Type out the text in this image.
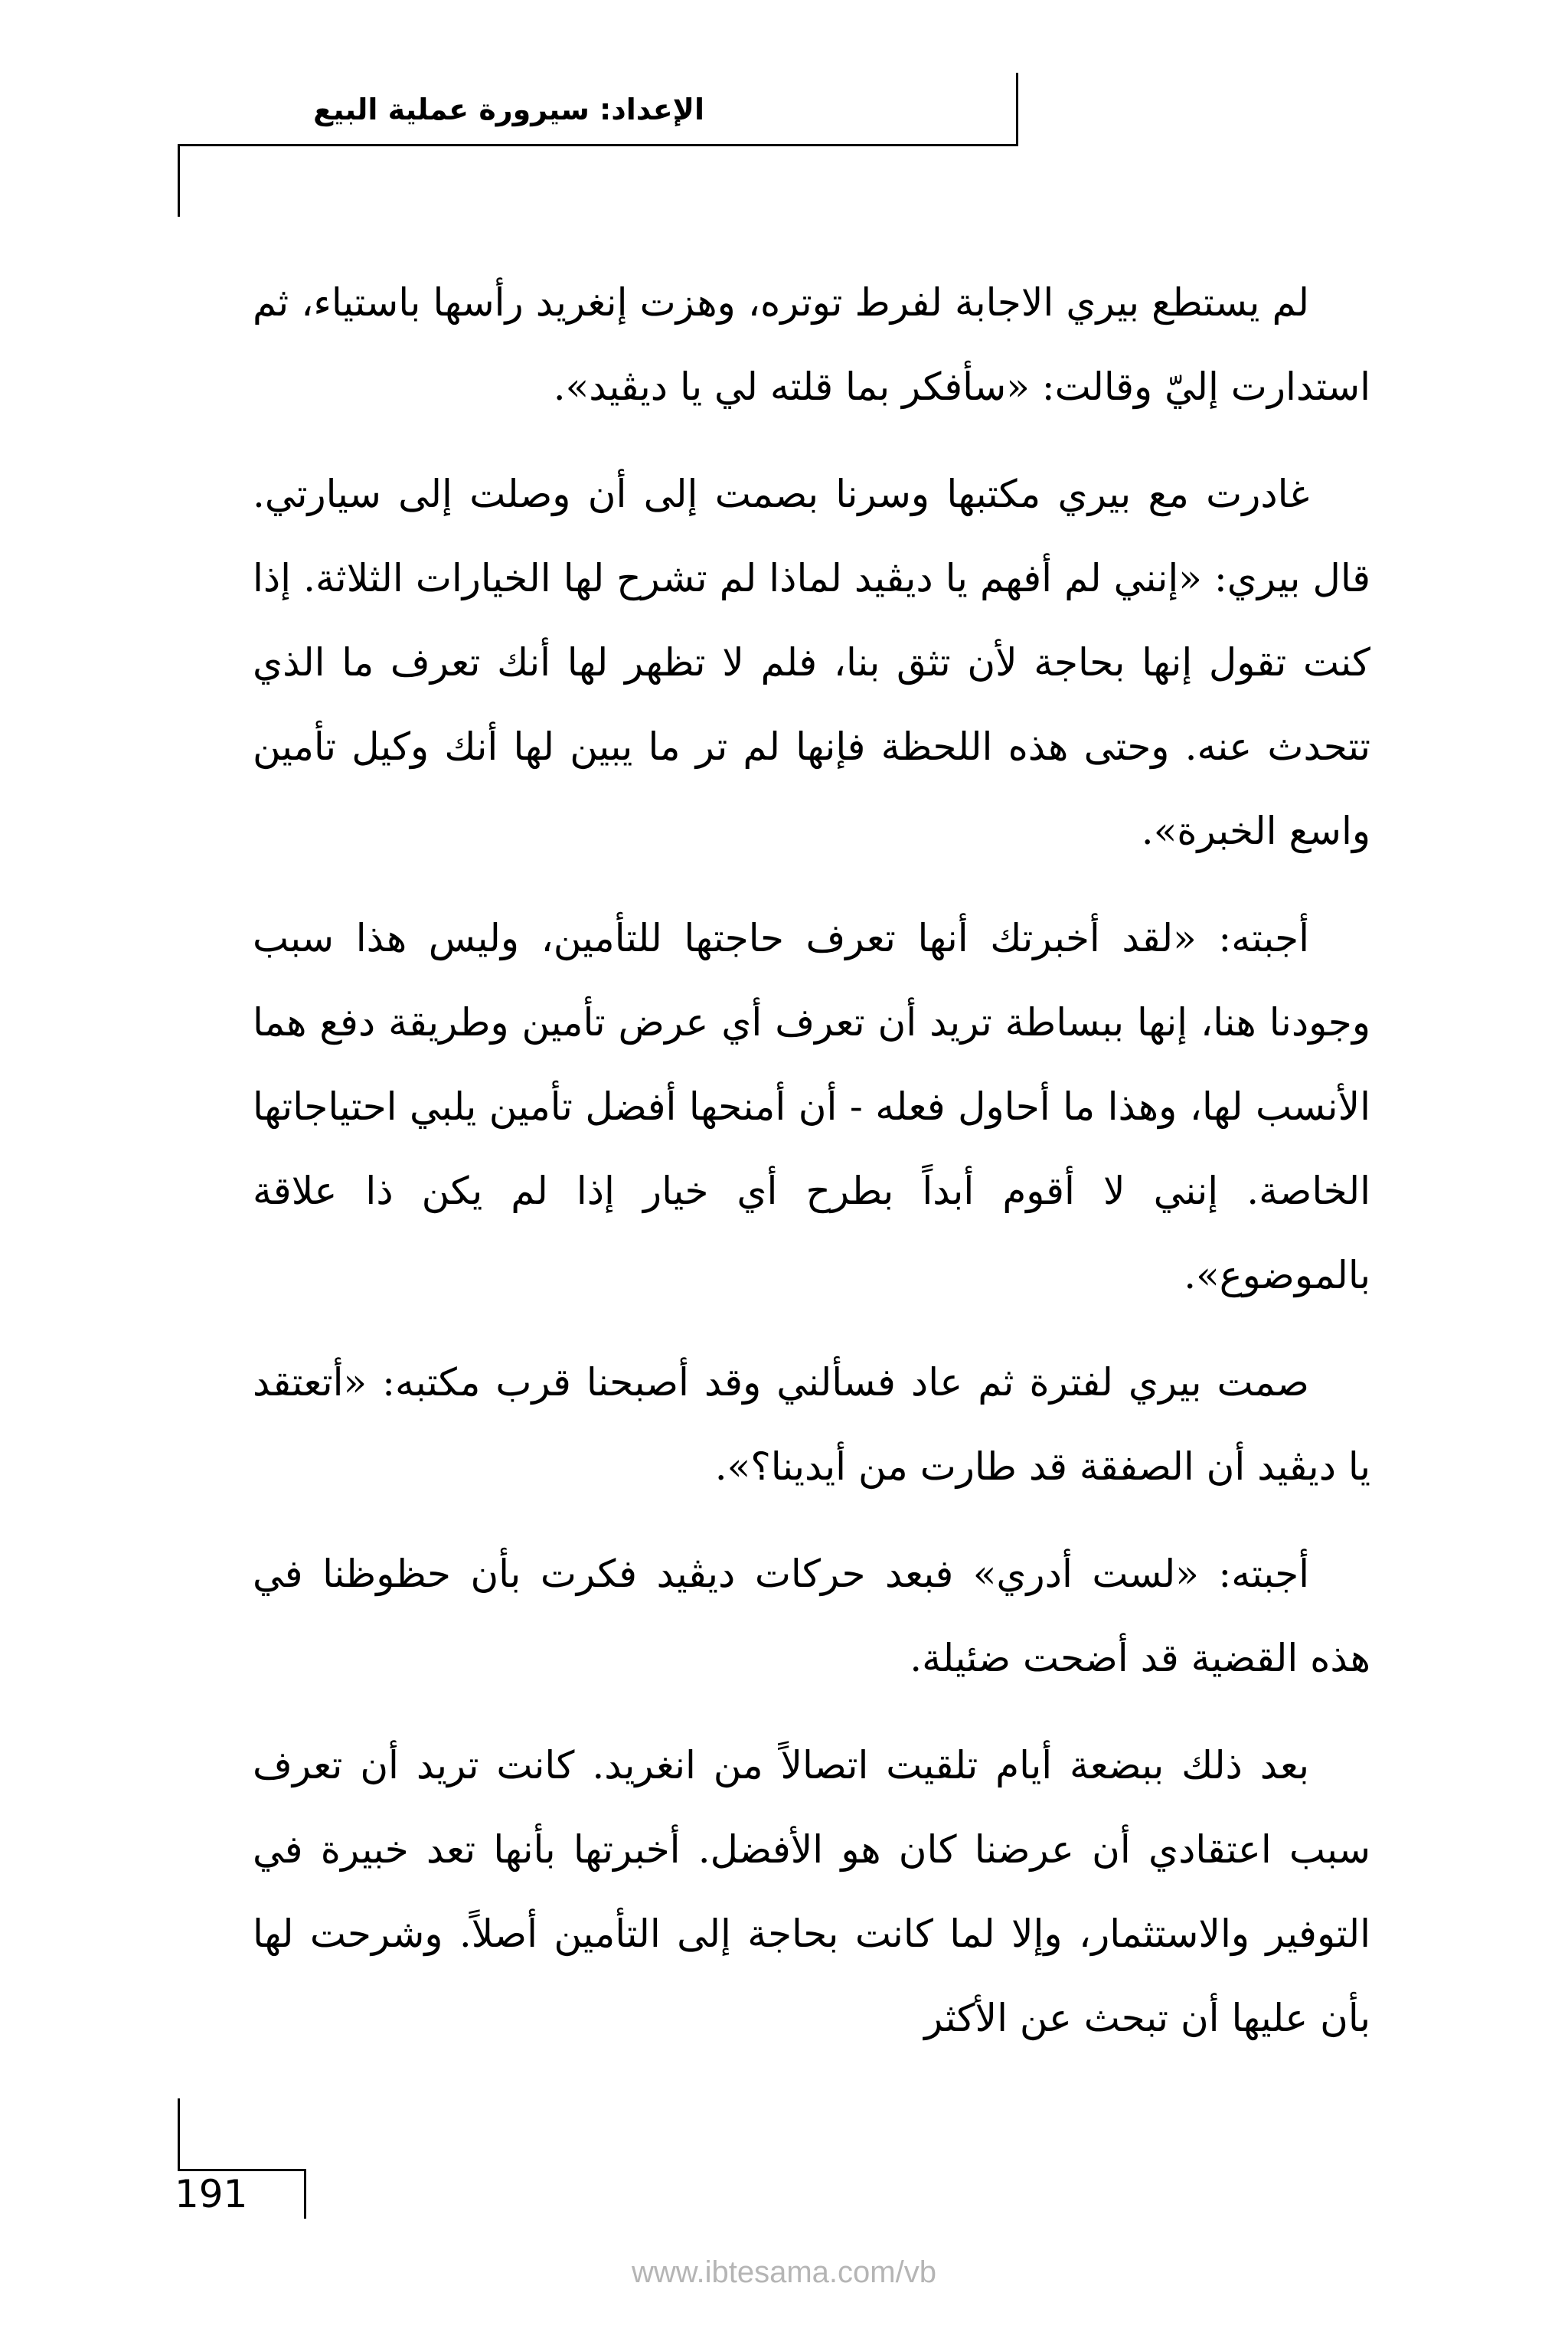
الإعداد: سيرورة عملية البيع

لم يستطع بيري الاجابة لفرط توتره، وهزت إنغريد رأسها باستياء، ثم استدارت إليّ وقالت: «سأفكر بما قلته لي يا ديڤيد».

غادرت مع بيري مكتبها وسرنا بصمت إلى أن وصلت إلى سيارتي. قال بيري: «إنني لم أفهم يا ديڤيد لماذا لم تشرح لها الخيارات الثلاثة. إذا كنت تقول إنها بحاجة لأن تثق بنا، فلم لا تظهر لها أنك تعرف ما الذي تتحدث عنه. وحتى هذه اللحظة فإنها لم تر ما يبين لها أنك وكيل تأمين واسع الخبرة».

أجبته: «لقد أخبرتك أنها تعرف حاجتها للتأمين، وليس هذا سبب وجودنا هنا، إنها ببساطة تريد أن تعرف أي عرض تأمين وطريقة دفع هما الأنسب لها، وهذا ما أحاول فعله - أن أمنحها أفضل تأمين يلبي احتياجاتها الخاصة. إنني لا أقوم أبداً بطرح أي خيار إذا لم يكن ذا علاقة بالموضوع».

صمت بيري لفترة ثم عاد فسألني وقد أصبحنا قرب مكتبه: «أتعتقد يا ديڤيد أن الصفقة قد طارت من أيدينا؟».

أجبته: «لست أدري» فبعد حركات ديڤيد فكرت بأن حظوظنا في هذه القضية قد أضحت ضئيلة.

بعد ذلك ببضعة أيام تلقيت اتصالاً من انغريد. كانت تريد أن تعرف سبب اعتقادي أن عرضنا كان هو الأفضل. أخبرتها بأنها تعد خبيرة في التوفير والاستثمار، وإلا لما كانت بحاجة إلى التأمين أصلاً. وشرحت لها بأن عليها أن تبحث عن الأكثر

191
www.ibtesama.com/vb
